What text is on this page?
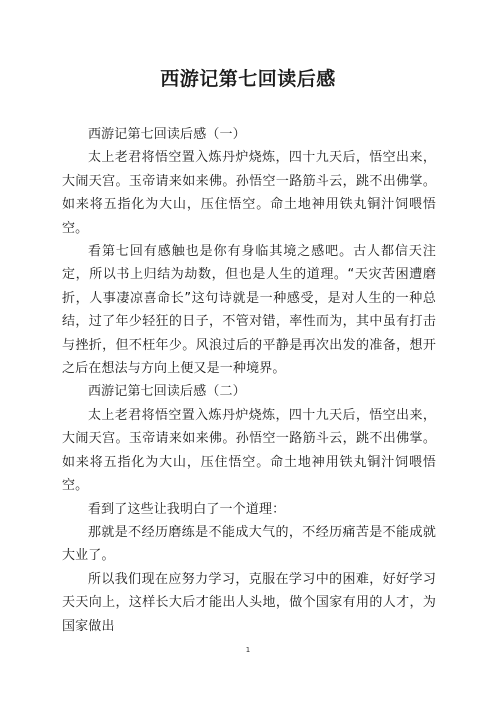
西游记第七回读后感

西游记第七回读后感（一）

太上老君将悟空置入炼丹炉烧炼，四十九天后，悟空出来，大闹天宫。玉帝请来如来佛。孙悟空一路筋斗云，跳不出佛掌。如来将五指化为大山，压住悟空。命土地神用铁丸铜汁饲喂悟空。

看第七回有感触也是你有身临其境之感吧。古人都信天注定，所以书上归结为劫数，但也是人生的道理。“天灾苦困遭磨折，人事凄凉喜命长”这句诗就是一种感受，是对人生的一种总结，过了年少轻狂的日子，不管对错，率性而为，其中虽有打击与挫折，但不枉年少。风浪过后的平静是再次出发的准备，想开之后在想法与方向上便又是一种境界。

西游记第七回读后感（二）

太上老君将悟空置入炼丹炉烧炼，四十九天后，悟空出来，大闹天宫。玉帝请来如来佛。孙悟空一路筋斗云，跳不出佛掌。如来将五指化为大山，压住悟空。命土地神用铁丸铜汁饲喂悟空。

看到了这些让我明白了一个道理：

那就是不经历磨练是不能成大气的，不经历痛苦是不能成就大业了。

所以我们现在应努力学习，克服在学习中的困难，好好学习天天向上，这样长大后才能出人头地，做个国家有用的人才，为国家做出

1
